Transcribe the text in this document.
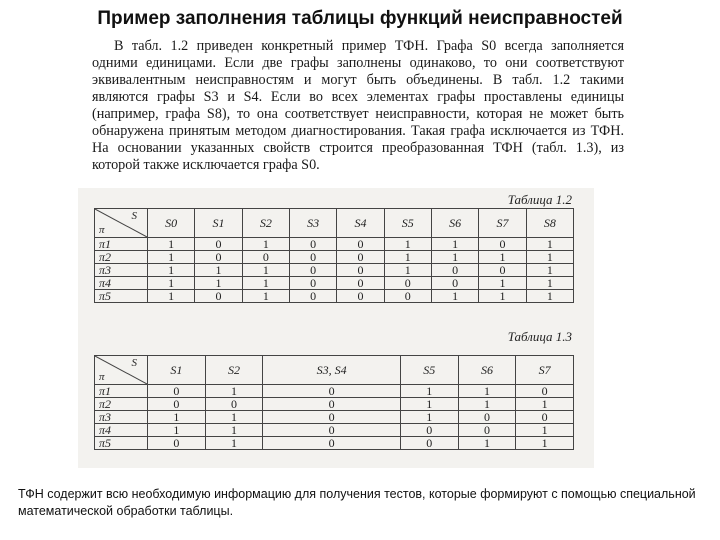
Пример заполнения таблицы функций неисправностей

В табл. 1.2 приведен конкретный пример ТФН. Графа S0 всегда заполняется одними единицами. Если две графы заполнены одинаково, то они соответствуют эквивалентным неисправностям и могут быть объединены. В табл. 1.2 такими являются графы S3 и S4. Если во всех элементах графы проставлены единицы (например, графа S8), то она соответствует неисправности, которая не может быть обнаружена принятым методом диагностирования. Такая графа исключается из ТФН. На основании указанных свойств строится преобразованная ТФН (табл. 1.3), из которой также исключается графа S0.

Таблица 1.2
S
π	S0	S1	S2	S3	S4	S5	S6	S7	S8
π1	1	0	1	0	0	1	1	0	1
π2	1	0	0	0	0	1	1	1	1
π3	1	1	1	0	0	1	0	0	1
π4	1	1	1	0	0	0	0	1	1
π5	1	0	1	0	0	0	1	1	1
Таблица 1.3
S
π	S1	S2	S3, S4	S5	S6	S7
π1	0	1	0	1	1	0
π2	0	0	0	1	1	1
π3	1	1	0	1	0	0
π4	1	1	0	0	0	1
π5	0	1	0	0	1	1
ТФН содержит всю необходимую информацию для получения тестов, которые формируют с помощью специальной математической обработки таблицы.
